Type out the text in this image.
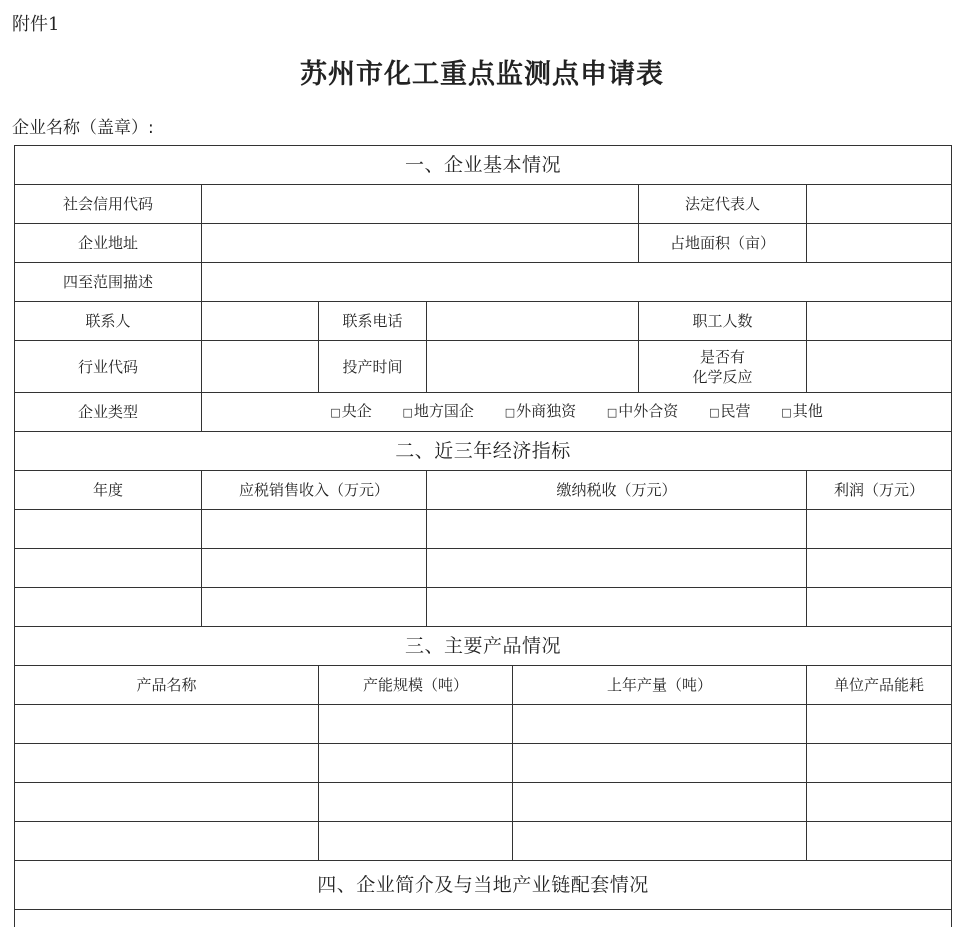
附件1
苏州市化工重点监测点申请表
企业名称（盖章）:
一、企业基本情况						
社会信用代码					法定代表人	
企业地址					占地面积（亩）	
四至范围描述						
联系人		联系电话			职工人数	
行业代码		投产时间			是否有
化学反应	
企业类型	□央企 □地方国企 □外商独资 □中外合资 □民营 □其他					
二、近三年经济指标						
年度	应税销售收入（万元）		缴纳税收（万元）			利润（万元）

三、主要产品情况						
产品名称		产能规模（吨）		上年产量（吨）		单位产品能耗

四、企业简介及与当地产业链配套情况						
